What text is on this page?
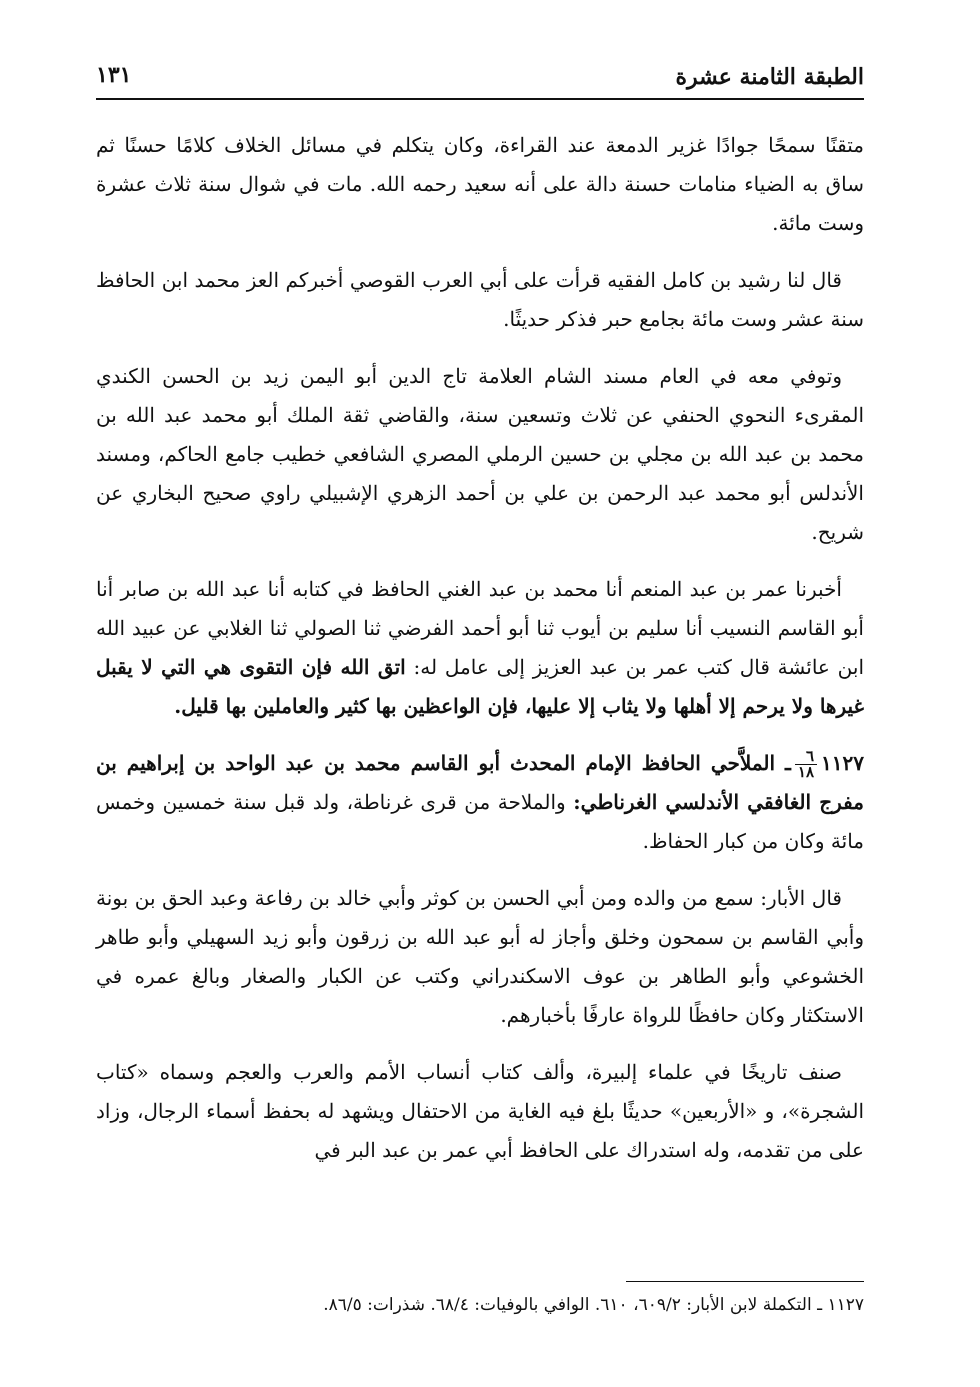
الطبقة الثامنة عشرة
١٣١

متقنًا سمحًا جوادًا غزير الدمعة عند القراءة، وكان يتكلم في مسائل الخلاف كلامًا حسنًا ثم ساق به الضياء منامات حسنة دالة على أنه سعيد رحمه الله. مات في شوال سنة ثلاث عشرة وست مائة.

قال لنا رشيد بن كامل الفقيه قرأت على أبي العرب القوصي أخبركم العز محمد ابن الحافظ سنة عشر وست مائة بجامع حبر فذكر حديثًا.

وتوفي معه في العام مسند الشام العلامة تاج الدين أبو اليمن زيد بن الحسن الكندي المقرىء النحوي الحنفي عن ثلاث وتسعين سنة، والقاضي ثقة الملك أبو محمد عبد الله بن محمد بن عبد الله بن مجلي بن حسين الرملي المصري الشافعي خطيب جامع الحاكم، ومسند الأندلس أبو محمد عبد الرحمن بن علي بن أحمد الزهري الإشبيلي راوي صحيح البخاري عن شريح.

أخبرنا عمر بن عبد المنعم أنا محمد بن عبد الغني الحافظ في كتابه أنا عبد الله بن صابر أنا أبو القاسم النسيب أنا سليم بن أيوب ثنا أبو أحمد الفرضي ثنا الصولي ثنا الغلابي عن عبيد الله ابن عائشة قال كتب عمر بن عبد العزيز إلى عامل له: اتق الله فإن التقوى هي التي لا يقبل غيرها ولا يرحم إلا أهلها ولا يثاب إلا عليها، فإن الواعظين بها كثير والعاملين بها قليل.

١١٢٧
$\frac{٦}{١٨}$
ـ الملاَّحي الحافظ الإمام المحدث أبو القاسم محمد بن عبد الواحد بن إبراهيم بن مفرج الغافقي الأندلسي الغرناطي: والملاحة من قرى غرناطة، ولد قبل سنة خمسين وخمس مائة وكان من كبار الحفاظ.

قال الأبار: سمع من والده ومن أبي الحسن بن كوثر وأبي خالد بن رفاعة وعبد الحق بن بونة وأبي القاسم بن سمحون وخلق وأجاز له أبو عبد الله بن زرقون وأبو زيد السهيلي وأبو طاهر الخشوعي وأبو الطاهر بن عوف الاسكندراني وكتب عن الكبار والصغار وبالغ عمره في الاستكثار وكان حافظًا للرواة عارفًا بأخبارهم.

صنف تاريخًا في علماء إلبيرة، وألف كتاب أنساب الأمم والعرب والعجم وسماه «كتاب الشجرة»، و «الأربعين» حديثًا بلغ فيه الغاية من الاحتفال ويشهد له بحفظ أسماء الرجال، وزاد على من تقدمه، وله استدراك على الحافظ أبي عمر بن عبد البر في

١١٢٧ ـ التكملة لابن الأبار: ٦٠٩/٢، ٦١٠. الوافي بالوفيات: ٦٨/٤. شذرات: ٨٦/٥.
